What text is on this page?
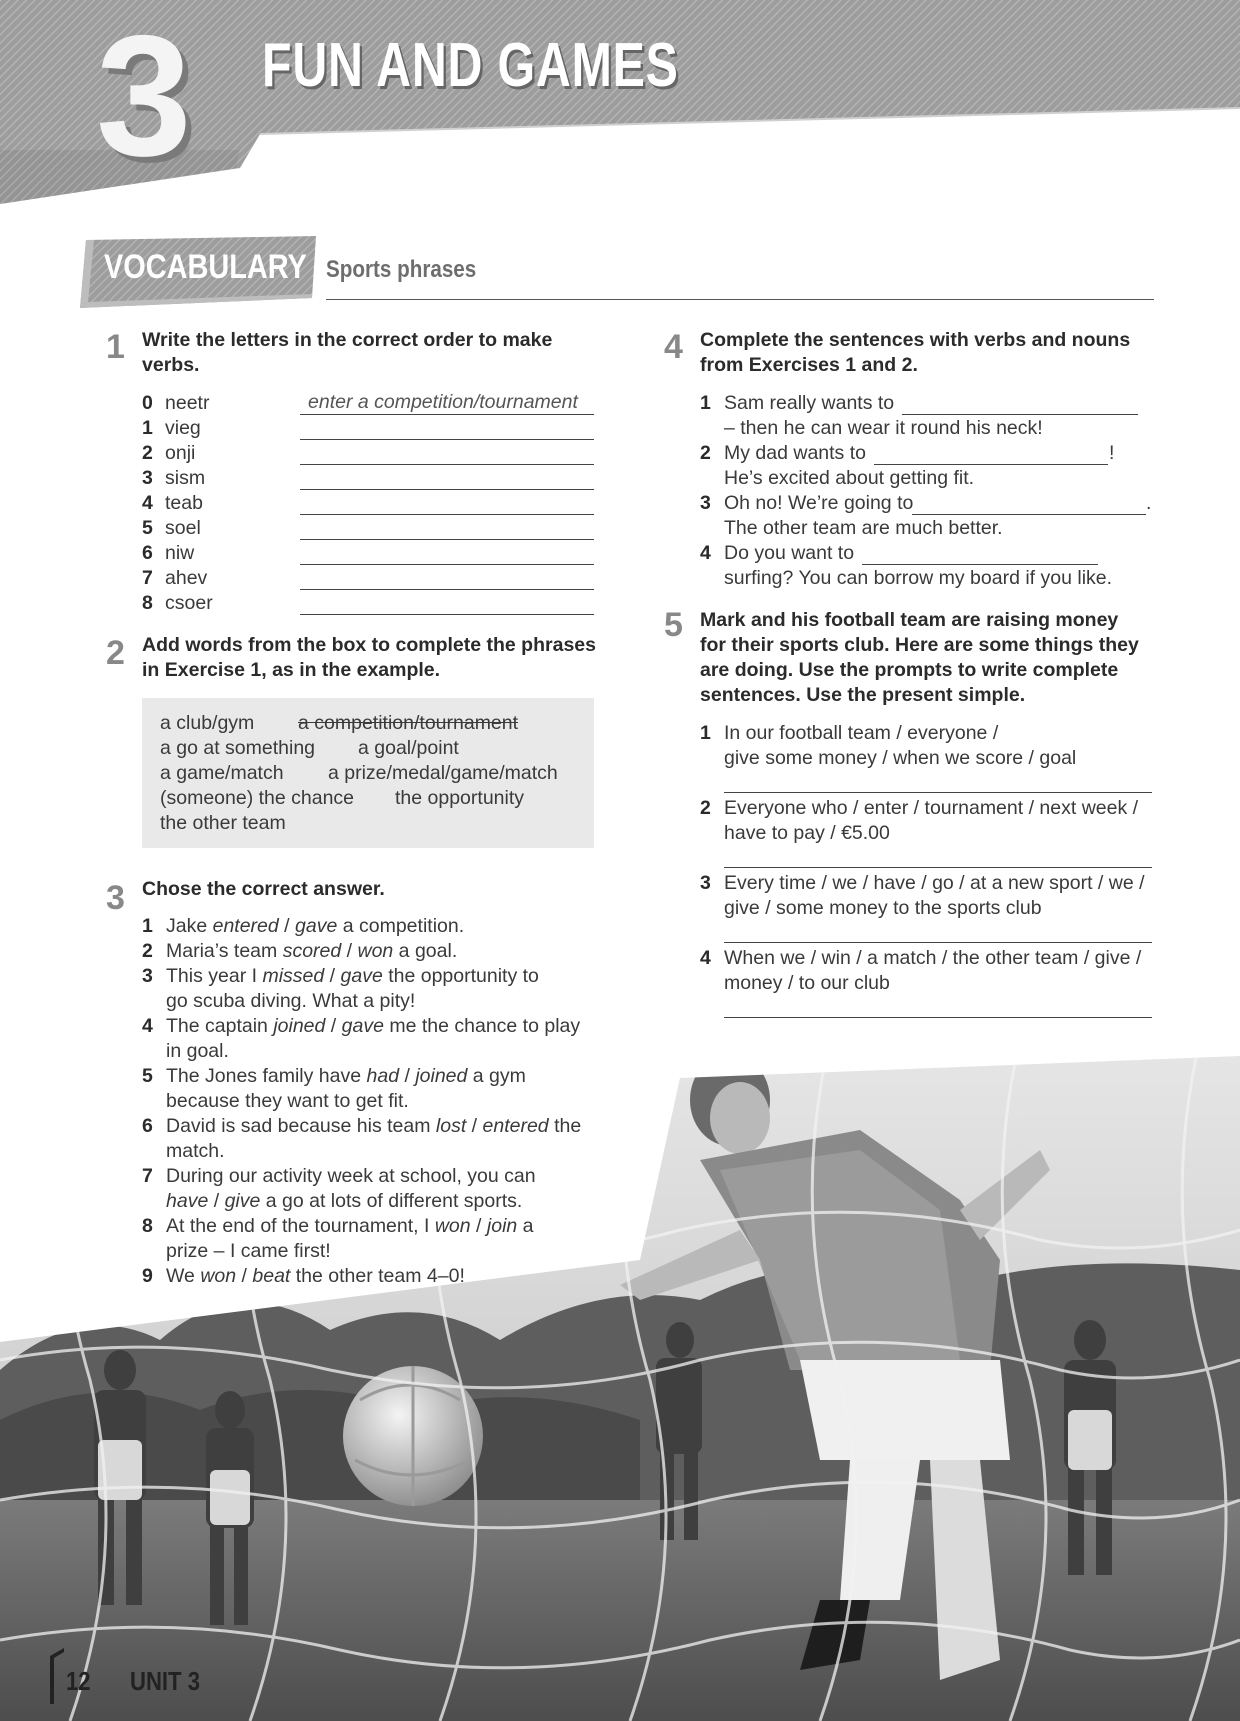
3 FUN AND GAMES
VOCABULARY Sports phrases
1 Write the letters in the correct order to make verbs.
0 neetr	enter a competition/tournament
1 vieg
2 onji
3 sism
4 teab
5 soel
6 niw
7 ahev
8 csoer
2 Add words from the box to complete the phrases in Exercise 1, as in the example.
a club/gym a competition/tournament
a go at something a goal/point
a game/match a prize/medal/game/match
(someone) the chance the opportunity
the other team
3 Chose the correct answer.
1 Jake entered / gave a competition.
2 Maria’s team scored / won a goal.
3 This year I missed / gave the opportunity to go scuba diving. What a pity!
4 The captain joined / gave me the chance to play in goal.
5 The Jones family have had / joined a gym because they want to get fit.
6 David is sad because his team lost / entered the match.
7 During our activity week at school, you can have / give a go at lots of different sports.
8 At the end of the tournament, I won / join a prize – I came first!
9 We won / beat the other team 4–0!
4 Complete the sentences with verbs and nouns from Exercises 1 and 2.
1 Sam really wants to
– then he can wear it round his neck!
2 My dad wants to	!
He’s excited about getting fit.
3 Oh no! We’re going to	.
The other team are much better.
4 Do you want to
surfing? You can borrow my board if you like.
5 Mark and his football team are raising money for their sports club. Here are some things they are doing. Use the prompts to write complete sentences. Use the present simple.
1 In our football team / everyone /
give some money / when we score / goal
2 Everyone who / enter / tournament / next week /
have to pay / €5.00
3 Every time / we / have / go / at a new sport / we /
give / some money to the sports club
4 When we / win / a match / the other team / give /
money / to our club
12 UNIT 3
